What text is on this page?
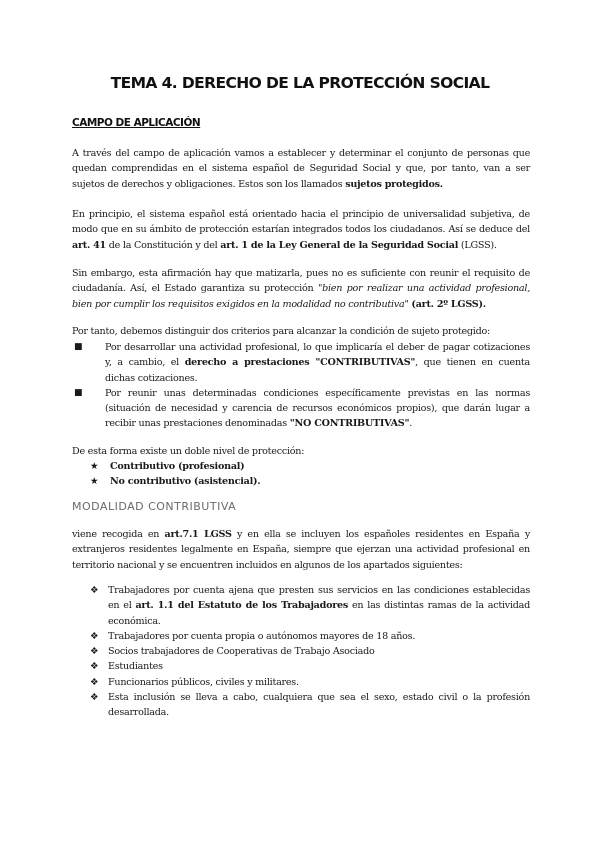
TEMA 4. DERECHO DE LA PROTECCIÓN SOCIAL
CAMPO DE APLICACIÓN

A través del campo de aplicación vamos a establecer y determinar el conjunto de personas que quedan comprendidas en el sistema español de Seguridad Social y que, por tanto, van a ser sujetos de derechos y obligaciones. Estos son los llamados sujetos protegidos.

En principio, el sistema español está orientado hacia el principio de universalidad subjetiva, de modo que en su ámbito de protección estarían integrados todos los ciudadanos. Así se deduce del art. 41 de la Constitución y del art. 1 de la Ley General de la Seguridad Social (LGSS).

Sin embargo, esta afirmación hay que matizarla, pues no es suficiente con reunir el requisito de ciudadanía. Así, el Estado garantiza su protección "bien por realizar una actividad profesional, bien por cumplir los requisitos exigidos en la modalidad no contributiva" (art. 2º LGSS).

Por tanto, debemos distinguir dos criterios para alcanzar la condición de sujeto protegido:

■ Por desarrollar una actividad profesional, lo que implicaría el deber de pagar cotizaciones y, a cambio, el derecho a prestaciones "CONTRIBUTIVAS", que tienen en cuenta dichas cotizaciones.
■ Por reunir unas determinadas condiciones específicamente previstas en las normas (situación de necesidad y carencia de recursos económicos propios), que darán lugar a recibir unas prestaciones denominadas "NO CONTRIBUTIVAS".

De esta forma existe un doble nivel de protección:

★ Contributivo (profesional)
★ No contributivo (asistencial).
MODALIDAD CONTRIBUTIVA

viene recogida en art.7.1 LGSS y en ella se incluyen los españoles residentes en España y extranjeros residentes legalmente en España, siempre que ejerzan una actividad profesional en territorio nacional y se encuentren incluidos en algunos de los apartados siguientes:

❖ Trabajadores por cuenta ajena que presten sus servicios en las condiciones establecidas en el art. 1.1 del Estatuto de los Trabajadores en las distintas ramas de la actividad económica.
❖ Trabajadores por cuenta propia o autónomos mayores de 18 años.
❖ Socios trabajadores de Cooperativas de Trabajo Asociado
❖ Estudiantes
❖ Funcionarios públicos, civiles y militares.
❖ Esta inclusión se lleva a cabo, cualquiera que sea el sexo, estado civil o la profesión desarrollada.
